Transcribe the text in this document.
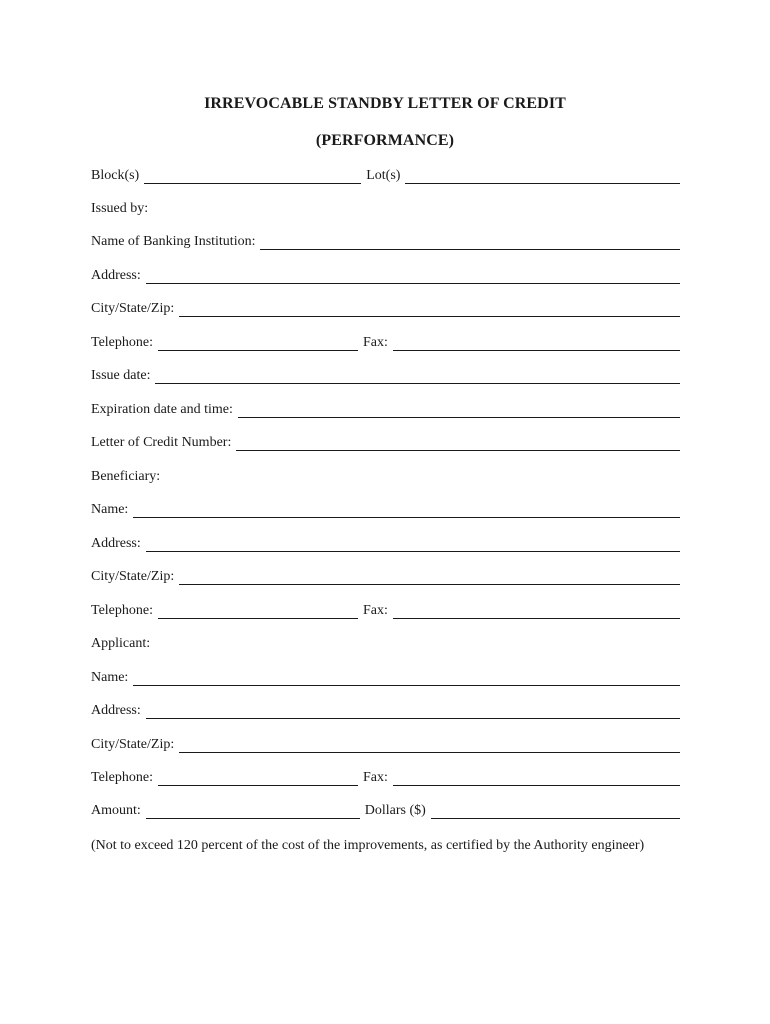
IRREVOCABLE STANDBY LETTER OF CREDIT
(PERFORMANCE)
Block(s)	Lot(s)
Issued by:
Name of Banking Institution:
Address:
City/State/Zip:
Telephone:	Fax:
Issue date:
Expiration date and time:
Letter of Credit Number:
Beneficiary:
Name:
Address:
City/State/Zip:
Telephone:	Fax:
Applicant:
Name:
Address:
City/State/Zip:
Telephone:	Fax:
Amount:	Dollars ($)
(Not to exceed 120 percent of the cost of the improvements, as certified by the Authority engineer)
